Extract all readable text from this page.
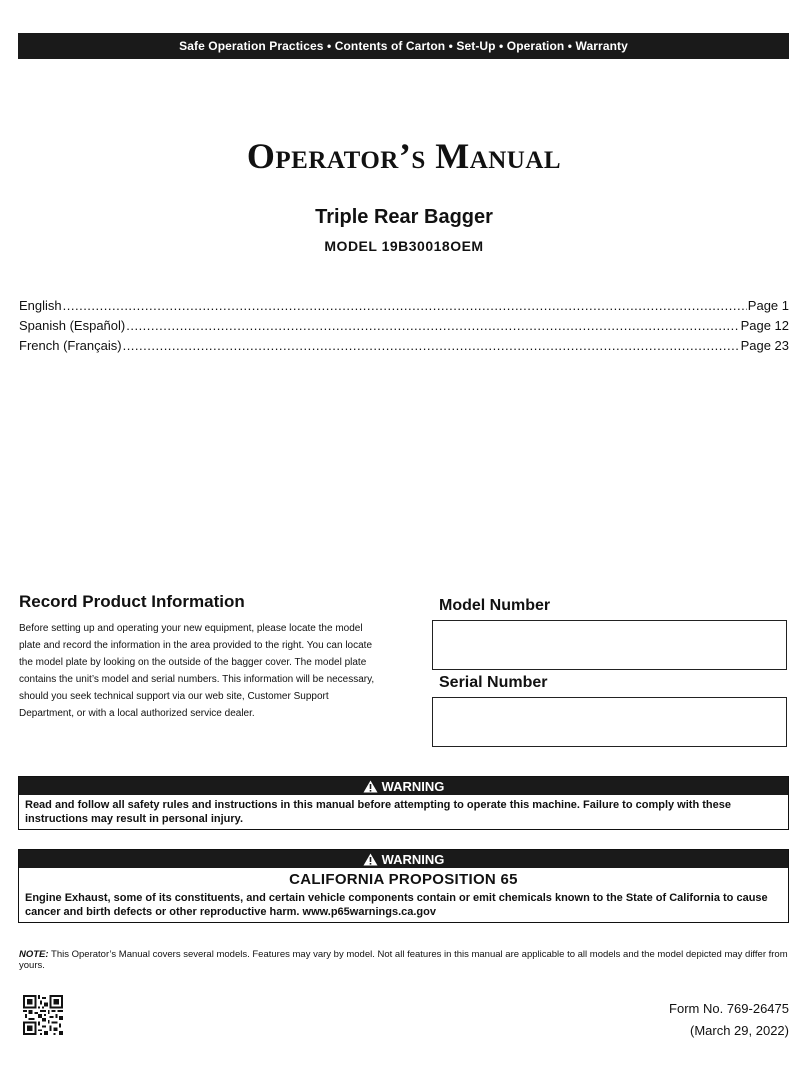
Safe Operation Practices • Contents of Carton • Set-Up • Operation • Warranty
Operator’s Manual
Triple Rear Bagger
MODEL 19B30018OEM
English .....	Page 1
Spanish (Español) .....	Page 12
French (Français) .....	Page 23
Record Product Information
Before setting up and operating your new equipment, please locate the model plate and record the information in the area provided to the right. You can locate the model plate by looking on the outside of the bagger cover. The model plate contains the unit’s model and serial numbers. This information will be necessary, should you seek technical support via our web site, Customer Support Department, or with a local authorized service dealer.
Model Number
Serial Number
WARNING
Read and follow all safety rules and instructions in this manual before attempting to operate this machine. Failure to comply with these instructions may result in personal injury.
WARNING
CALIFORNIA PROPOSITION 65
Engine Exhaust, some of its constituents, and certain vehicle components contain or emit chemicals known to the State of California to cause cancer and birth defects or other reproductive harm. www.p65warnings.ca.gov
NOTE: This Operator’s Manual covers several models. Features may vary by model. Not all features in this manual are applicable to all models and the model depicted may differ from yours.
Form No. 769-26475
(March 29, 2022)
